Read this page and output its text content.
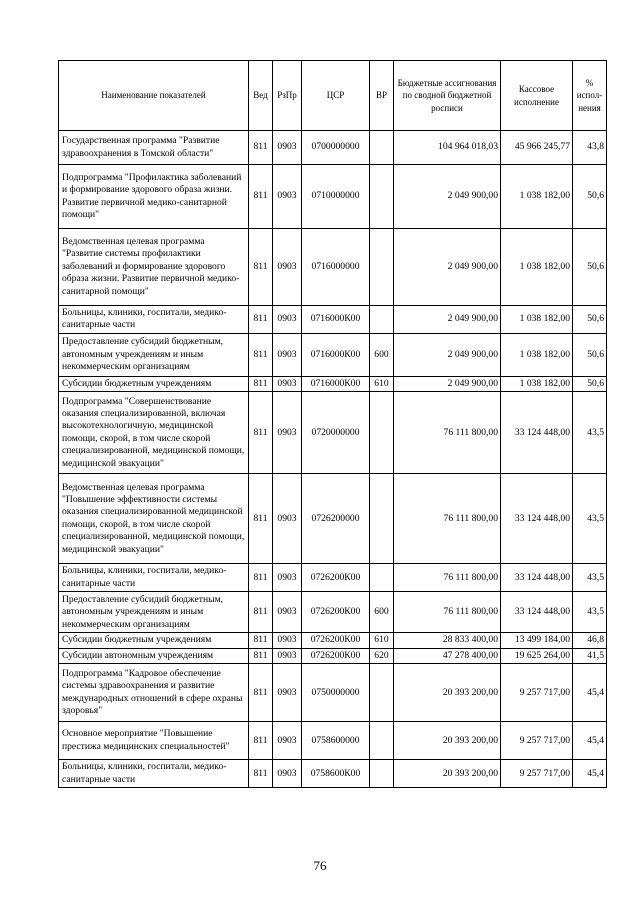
Наименование показателей	Вед	РзПр	ЦСР	ВР	Бюджетные ассигнования по сводной бюджетной росписи	Кассовое исполнение	% испол-нения
Государственная программа "Развитие здравоохранения в Томской области"	811	0903	0700000000		104 964 018,03	45 966 245,77	43,8
Подпрограмма "Профилактика заболеваний и формирование здорового образа жизни. Развитие первичной медико-санитарной помощи"	811	0903	0710000000		2 049 900,00	1 038 182,00	50,6
Ведомственная целевая программа "Развитие системы профилактики заболеваний и формирование здорового образа жизни. Развитие первичной медико-санитарной помощи"	811	0903	0716000000		2 049 900,00	1 038 182,00	50,6
Больницы, клиники, госпитали, медико-санитарные части	811	0903	0716000К00		2 049 900,00	1 038 182,00	50,6
Предоставление субсидий бюджетным, автономным учреждениям и иным некоммерческим организациям	811	0903	0716000К00	600	2 049 900,00	1 038 182,00	50,6
Субсидии бюджетным учреждениям	811	0903	0716000К00	610	2 049 900,00	1 038 182,00	50,6
Подпрограмма "Совершенствование оказания специализированной, включая высокотехнологичную, медицинской помощи, скорой, в том числе скорой специализированной, медицинской помощи, медицинской эвакуации"	811	0903	0720000000		76 111 800,00	33 124 448,00	43,5
Ведомственная целевая программа "Повышение эффективности системы оказания специализированной медицинской помощи, скорой, в том числе скорой специализированной, медицинской помощи, медицинской эвакуации"	811	0903	0726200000		76 111 800,00	33 124 448,00	43,5
Больницы, клиники, госпитали, медико-санитарные части	811	0903	0726200К00		76 111 800,00	33 124 448,00	43,5
Предоставление субсидий бюджетным, автономным учреждениям и иным некоммерческим организациям	811	0903	0726200К00	600	76 111 800,00	33 124 448,00	43,5
Субсидии бюджетным учреждениям	811	0903	0726200К00	610	28 833 400,00	13 499 184,00	46,8
Субсидии автономным учреждениям	811	0903	0726200К00	620	47 278 400,00	19 625 264,00	41,5
Подпрограмма "Кадровое обеспечение системы здравоохранения и развитие международных отношений в сфере охраны здоровья"	811	0903	0750000000		20 393 200,00	9 257 717,00	45,4
Основное мероприятие "Повышение престижа медицинских специальностей"	811	0903	0758600000		20 393 200,00	9 257 717,00	45,4
Больницы, клиники, госпитали, медико-санитарные части	811	0903	0758600К00		20 393 200,00	9 257 717,00	45,4
76
